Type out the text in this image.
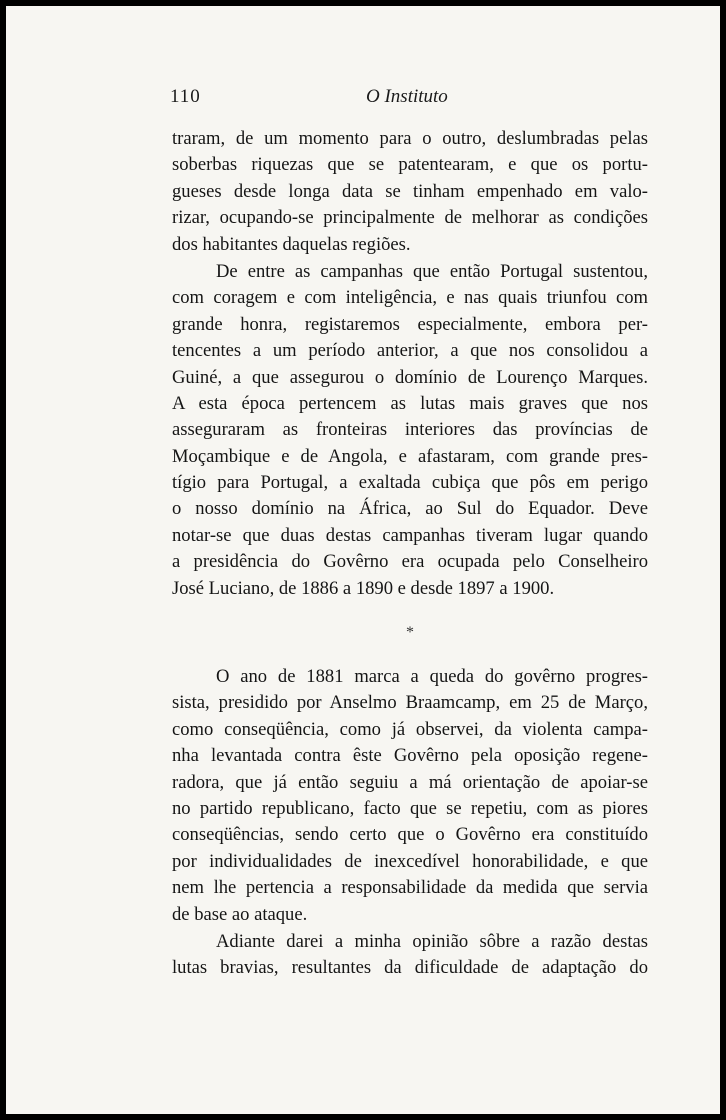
110	O Instituto
traram, de um momento para o outro, deslumbradas pelas
soberbas riquezas que se patentearam, e que os portu-
gueses desde longa data se tinham empenhado em valo-
rizar, ocupando-se principalmente de melhorar as condições
dos habitantes daquelas regiões.
De entre as campanhas que então Portugal sustentou,
com coragem e com inteligência, e nas quais triunfou com
grande honra, registaremos especialmente, embora per-
tencentes a um período anterior, a que nos consolidou a
Guiné, a que assegurou o domínio de Lourenço Marques.
A esta época pertencem as lutas mais graves que nos
asseguraram as fronteiras interiores das províncias de
Moçambique e de Angola, e afastaram, com grande pres-
tígio para Portugal, a exaltada cubiça que pôs em perigo
o nosso domínio na África, ao Sul do Equador. Deve
notar-se que duas destas campanhas tiveram lugar quando
a presidência do Govêrno era ocupada pelo Conselheiro
José Luciano, de 1886 a 1890 e desde 1897 a 1900.
*
O ano de 1881 marca a queda do govêrno progres-
sista, presidido por Anselmo Braamcamp, em 25 de Março,
como conseqüência, como já observei, da violenta campa-
nha levantada contra êste Govêrno pela oposição regene-
radora, que já então seguiu a má orientação de apoiar-se
no partido republicano, facto que se repetiu, com as piores
conseqüências, sendo certo que o Govêrno era constituído
por individualidades de inexcedível honorabilidade, e que
nem lhe pertencia a responsabilidade da medida que servia
de base ao ataque.
Adiante darei a minha opinião sôbre a razão destas
lutas bravias, resultantes da dificuldade de adaptação do
